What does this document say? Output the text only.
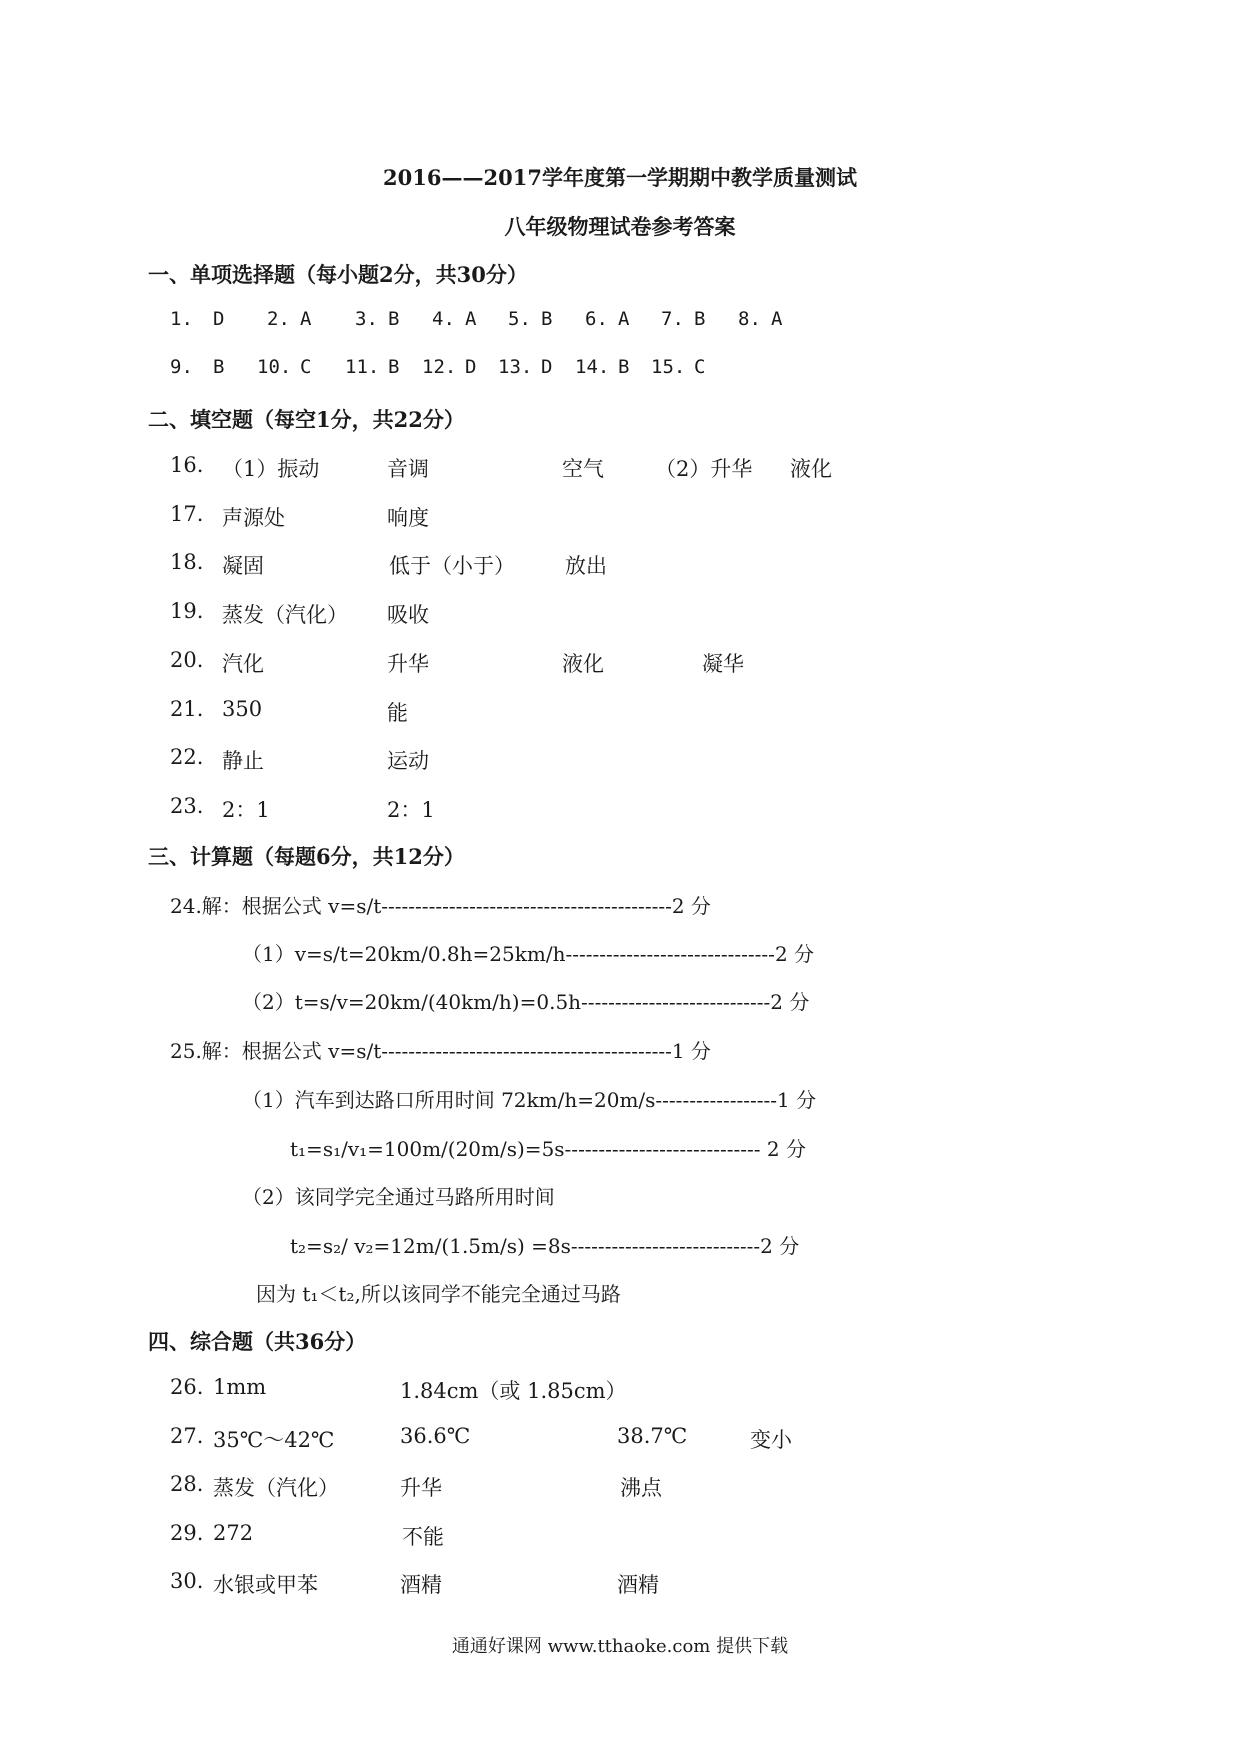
2016——2017学年度第一学期期中教学质量测试
八年级物理试卷参考答案
一、单项选择题（每小题2分，共30分）
1. D 2. A 3. B 4. A 5. B 6. A 7. B 8. A
9. B 10. C 11. B 12. D 13. D 14. B 15. C
二、填空题（每空1分，共22分）
16. （1）振动	音调	空气 （2）升华 液化
17. 声源处	响度
18. 凝固	低于（小于） 放出
19. 蒸发（汽化） 吸收
20. 汽化	升华	液化	凝华
21. 350	能
22. 静止	运动
23. 2：1	2：1
三、计算题（每题6分，共12分）
24.解：根据公式 v=s/t-------------------------------------------2 分
（1）v=s/t=20km/0.8h=25km/h-------------------------------2 分
（2）t=s/v=20km/(40km/h)=0.5h----------------------------2 分
25.解：根据公式 v=s/t-------------------------------------------1 分
（1）汽车到达路口所用时间 72km/h=20m/s------------------1 分
t₁=s₁/v₁=100m/(20m/s)=5s----------------------------- 2 分
（2）该同学完全通过马路所用时间
t₂=s₂/ v₂=12m/(1.5m/s) =8s----------------------------2 分
因为 t₁＜t₂,所以该同学不能完全通过马路
四、综合题（共36分）
26. 1mm	1.84cm（或 1.85cm）
27. 35℃～42℃	36.6℃	38.7℃	变小
28. 蒸发（汽化）	升华	沸点
29. 272	不能
30. 水银或甲苯	酒精	酒精
通通好课网 www.tthaoke.com 提供下载
